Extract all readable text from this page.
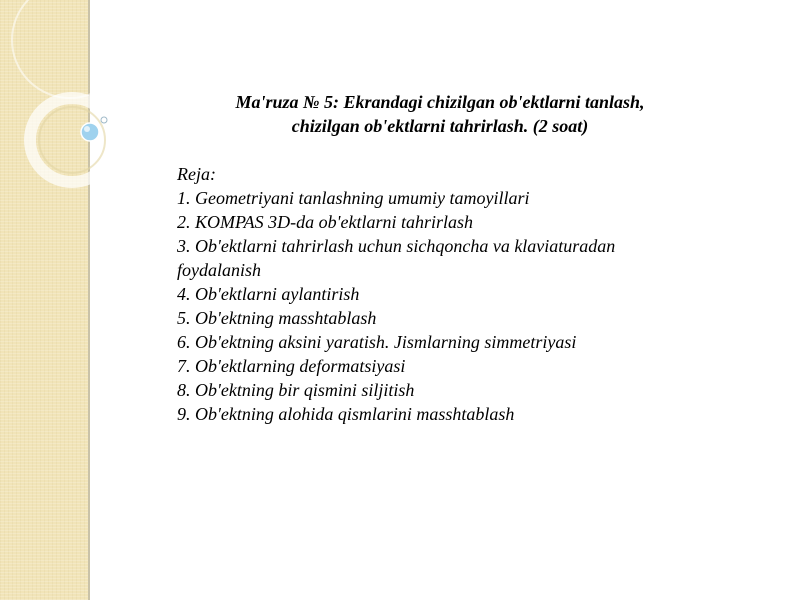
Ma'ruza № 5: Ekrandagi chizilgan ob'ektlarni tanlash,
chizilgan ob'ektlarni tahrirlash. (2 soat)

Reja:

1. Geometriyani tanlashning umumiy tamoyillari
2. KOMPAS 3D-da ob'ektlarni tahrirlash
3. Ob'ektlarni tahrirlash uchun sichqoncha va klaviaturadan foydalanish
4. Ob'ektlarni aylantirish
5. Ob'ektning masshtablash
6. Ob'ektning aksini yaratish. Jismlarning simmetriyasi
7. Ob'ektlarning deformatsiyasi
8. Ob'ektning bir qismini siljitish
9. Ob'ektning alohida qismlarini masshtablash
